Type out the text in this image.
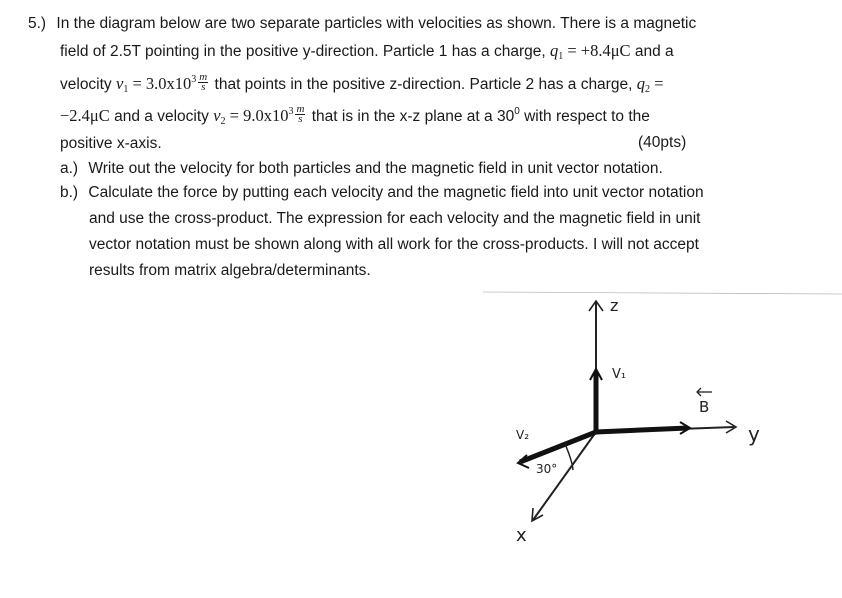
5.) In the diagram below are two separate particles with velocities as shown. There is a magnetic
field of 2.5T pointing in the positive y-direction. Particle 1 has a charge, $q_1 = +8.4\mu C$ and a
velocity $v_1 = 3.0x10^3 \frac{m}{s}$ that points in the positive z-direction. Particle 2 has a charge, $q_2$ =
−2.4μC and a velocity $v_2 = 9.0x10^3 \frac{m}{s}$ that is in the x-z plane at a $30^0$ with respect to the
positive x-axis.	(40pts)
a.) Write out the velocity for both particles and the magnetic field in unit vector notation.
b.) Calculate the force by putting each velocity and the magnetic field into unit vector notation
and use the cross-product. The expression for each velocity and the magnetic field in unit
vector notation must be shown along with all work for the cross-products. I will not accept
results from matrix algebra/determinants.
z
V₁
B
y
V₂
30°
x
